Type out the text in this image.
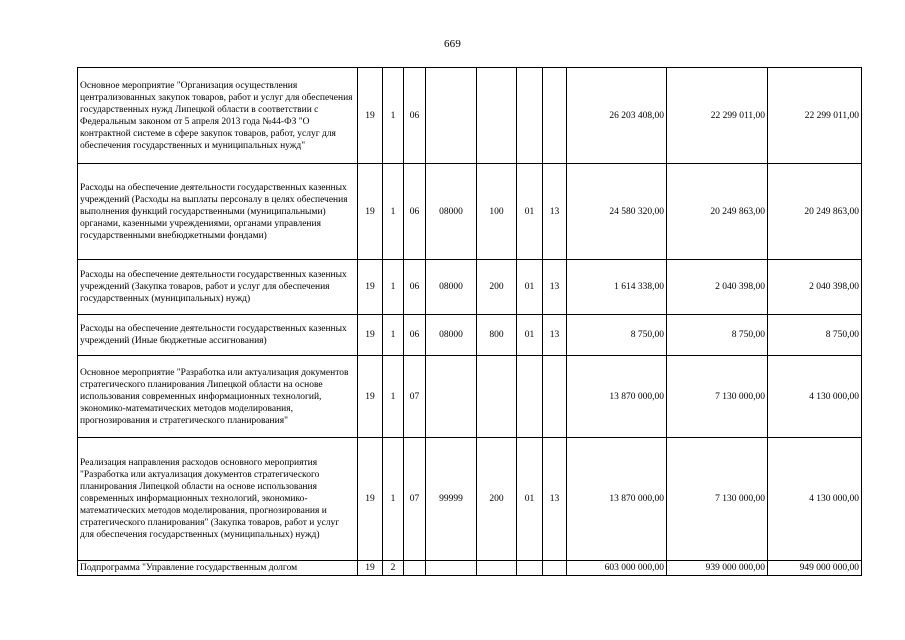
669
Основное мероприятие "Организация осуществления централизованных закупок товаров, работ и услуг для обеспечения государственных нужд Липецкой области в соответствии с Федеральным законом от 5 апреля 2013 года №44-ФЗ "О контрактной системе в сфере закупок товаров, работ, услуг для обеспечения государственных и муниципальных нужд"	19	1	06					26 203 408,00	22 299 011,00	22 299 011,00
Расходы на обеспечение деятельности государственных казенных учреждений (Расходы на выплаты персоналу в целях обеспечения выполнения функций государственными (муниципальными) органами, казенными учреждениями, органами управления государственными внебюджетными фондами)	19	1	06	08000	100	01	13	24 580 320,00	20 249 863,00	20 249 863,00
Расходы на обеспечение деятельности государственных казенных учреждений (Закупка товаров, работ и услуг для обеспечения государственных (муниципальных) нужд)	19	1	06	08000	200	01	13	1 614 338,00	2 040 398,00	2 040 398,00
Расходы на обеспечение деятельности государственных казенных учреждений (Иные бюджетные ассигнования)	19	1	06	08000	800	01	13	8 750,00	8 750,00	8 750,00
Основное мероприятие "Разработка или актуализация документов стратегического планирования Липецкой области на основе использования современных информационных технологий, экономико-математических методов моделирования, прогнозирования и стратегического планирования"	19	1	07					13 870 000,00	7 130 000,00	4 130 000,00
Реализация направления расходов основного мероприятия "Разработка или актуализация документов стратегического планирования Липецкой области на основе использования современных информационных технологий, экономико-математических методов моделирования, прогнозирования и стратегического планирования" (Закупка товаров, работ и услуг для обеспечения государственных (муниципальных) нужд)	19	1	07	99999	200	01	13	13 870 000,00	7 130 000,00	4 130 000,00
Подпрограмма "Управление государственным долгом	19	2						603 000 000,00	939 000 000,00	949 000 000,00
